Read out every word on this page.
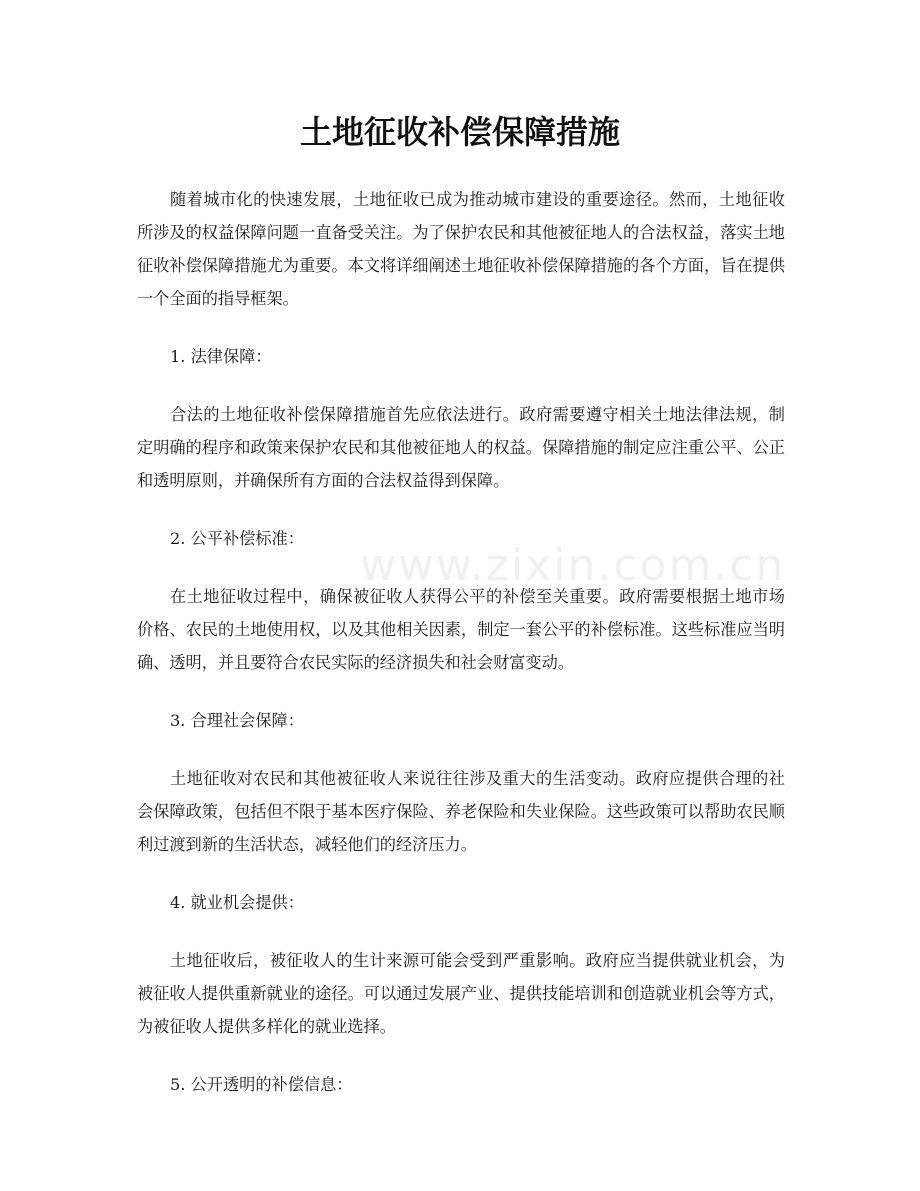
土地征收补偿保障措施
www.zixin.com.cn

随着城市化的快速发展，土地征收已成为推动城市建设的重要途径。然而，土地征收所涉及的权益保障问题一直备受关注。为了保护农民和其他被征地人的合法权益，落实土地征收补偿保障措施尤为重要。本文将详细阐述土地征收补偿保障措施的各个方面，旨在提供一个全面的指导框架。

1. 法律保障：

合法的土地征收补偿保障措施首先应依法进行。政府需要遵守相关土地法律法规，制定明确的程序和政策来保护农民和其他被征地人的权益。保障措施的制定应注重公平、公正和透明原则，并确保所有方面的合法权益得到保障。

2. 公平补偿标准：

在土地征收过程中，确保被征收人获得公平的补偿至关重要。政府需要根据土地市场价格、农民的土地使用权，以及其他相关因素，制定一套公平的补偿标准。这些标准应当明确、透明，并且要符合农民实际的经济损失和社会财富变动。

3. 合理社会保障：

土地征收对农民和其他被征收人来说往往涉及重大的生活变动。政府应提供合理的社会保障政策，包括但不限于基本医疗保险、养老保险和失业保险。这些政策可以帮助农民顺利过渡到新的生活状态，减轻他们的经济压力。

4. 就业机会提供：

土地征收后，被征收人的生计来源可能会受到严重影响。政府应当提供就业机会，为被征收人提供重新就业的途径。可以通过发展产业、提供技能培训和创造就业机会等方式，为被征收人提供多样化的就业选择。

5. 公开透明的补偿信息：
